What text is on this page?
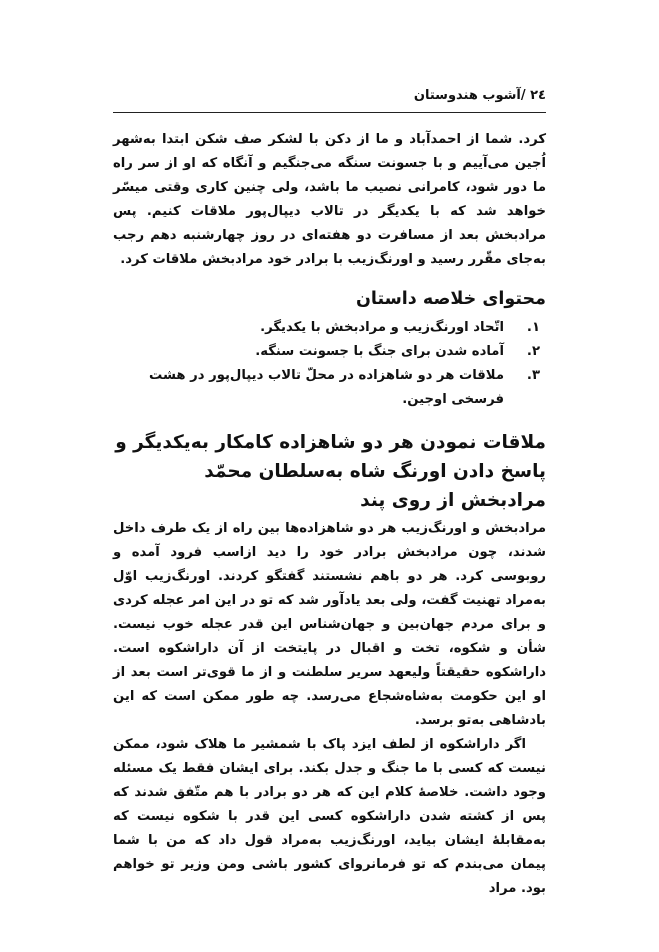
٢٤ /آشوب هندوستان

کرد. شما از احمدآباد و ما از دکن با لشکر صف شکن ابتدا به‌شهر اُجین می‌آییم و با جسونت سنگه می‌جنگیم و آنگاه که او از سر راه ما دور شود، کامرانی نصیب ما باشد، ولی چنین کاری وقتی میسّر خواهد شد که با یکدیگر در تالاب دیپال‌پور ملاقات کنیم. پس مرادبخش بعد از مسافرت دو هفته‌ای در روز چهارشنبه دهم رجب به‌جای مقّرر رسید و اورنگ‌زیب با برادر خود مرادبخش ملاقات کرد.

محتوای خلاصه داستان
١.
اتّحاد اورنگ‌زیب و مرادبخش با یکدیگر.
٢.
آماده شدن برای جنگ با جسونت سنگه.
٣.
ملاقات هر دو شاهزاده در محلّ تالاب دیپال‌پور در هشت فرسخی اوجین.
ملاقات نمودن هر دو شاهزاده کامکار به‌یکدیگر و پاسخ دادن اورنگ شاه به‌سلطان محمّد مرادبخش از روی پند

مرادبخش و اورنگ‌زیب هر دو شاهزاده‌ها بین راه از یک طرف داخل شدند، چون مرادبخش برادر خود را دید ازاسب فرود آمده و روبوسی کرد. هر دو باهم نشستند گفتگو کردند. اورنگ‌زیب اوّل به‌مراد تهنیت گفت، ولی بعد یادآور شد که تو در این امر عجله کردی و برای مردم جهان‌بین و جهان‌شناس این قدر عجله خوب نیست. شأن و شکوه، تخت و اقبال در پایتخت از آن داراشکوه است. داراشکوه حقیقتاً ولیعهد سریر سلطنت و از ما قوی‌تر است بعد از او این حکومت به‌شاه‌شجاع می‌رسد. چه طور ممکن است که این بادشاهی به‌تو برسد.

اگر داراشکوه از لطف ایزد پاک با شمشیر ما هلاک شود، ممکن نیست که کسی با ما جنگ و جدل بکند. برای ایشان فقط یک مسئله وجود داشت. خلاصۀ کلام این که هر دو برادر با هم متّفق شدند که پس از کشته شدن داراشکوه کسی این قدر با شکوه نیست که به‌مقابلۀ ایشان بیاید، اورنگ‌زیب به‌مراد قول داد که من با شما پیمان می‌بندم که تو فرمانروای کشور باشی ومن وزیر تو خواهم بود. مراد
